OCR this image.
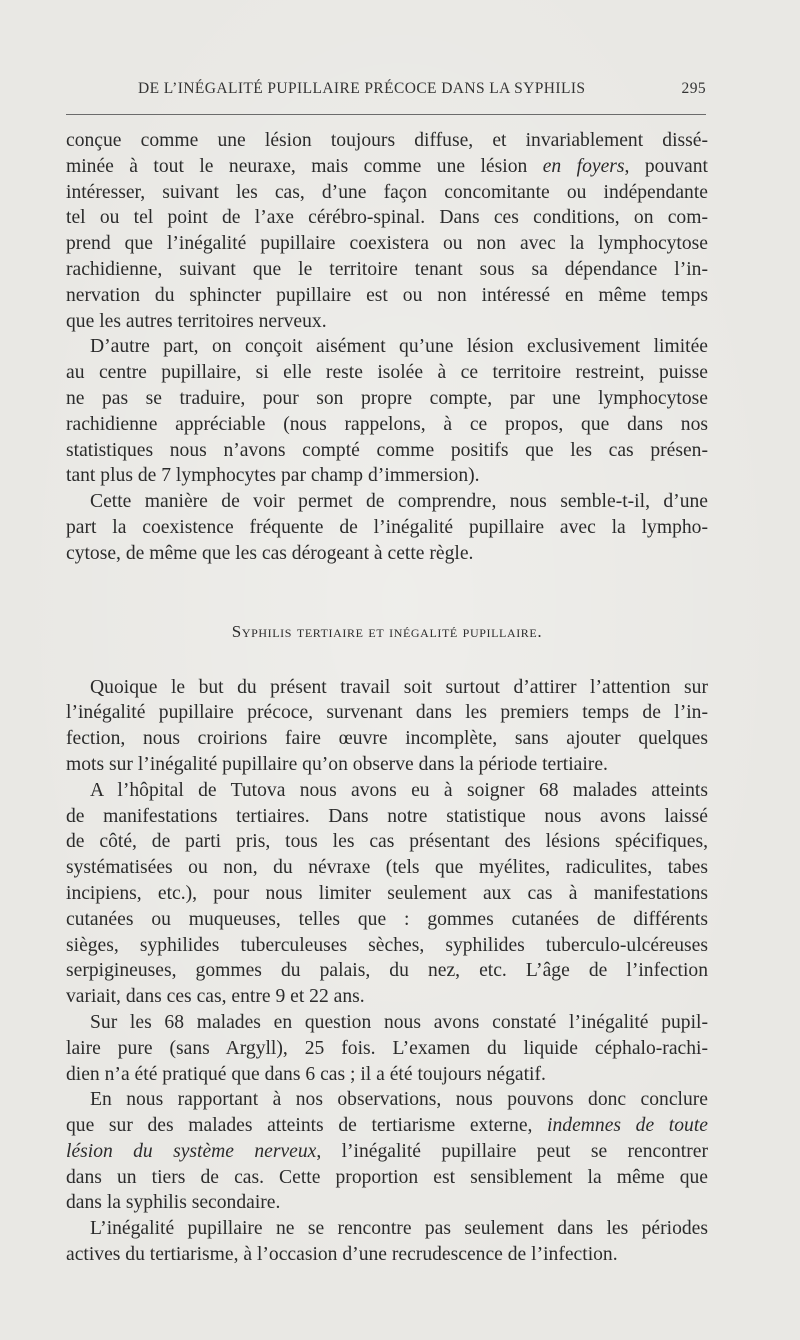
DE L’INÉGALITÉ PUPILLAIRE PRÉCOCE DANS LA SYPHILIS	295
conçue comme une lésion toujours diffuse, et invariablement dissé-
minée à tout le neuraxe, mais comme une lésion en foyers, pouvant
intéresser, suivant les cas, d’une façon concomitante ou indépendante
tel ou tel point de l’axe cérébro-spinal. Dans ces conditions, on com-
prend que l’inégalité pupillaire coexistera ou non avec la lymphocytose
rachidienne, suivant que le territoire tenant sous sa dépendance l’in-
nervation du sphincter pupillaire est ou non intéressé en même temps
que les autres territoires nerveux.
D’autre part, on conçoit aisément qu’une lésion exclusivement limitée
au centre pupillaire, si elle reste isolée à ce territoire restreint, puisse
ne pas se traduire, pour son propre compte, par une lymphocytose
rachidienne appréciable (nous rappelons, à ce propos, que dans nos
statistiques nous n’avons compté comme positifs que les cas présen-
tant plus de 7 lymphocytes par champ d’immersion).
Cette manière de voir permet de comprendre, nous semble-t-il, d’une
part la coexistence fréquente de l’inégalité pupillaire avec la lympho-
cytose, de même que les cas dérogeant à cette règle.
Syphilis tertiaire et inégalité pupillaire.
Quoique le but du présent travail soit surtout d’attirer l’attention sur
l’inégalité pupillaire précoce, survenant dans les premiers temps de l’in-
fection, nous croirions faire œuvre incomplète, sans ajouter quelques
mots sur l’inégalité pupillaire qu’on observe dans la période tertiaire.
A l’hôpital de Tutova nous avons eu à soigner 68 malades atteints
de manifestations tertiaires. Dans notre statistique nous avons laissé
de côté, de parti pris, tous les cas présentant des lésions spécifiques,
systématisées ou non, du névraxe (tels que myélites, radiculites, tabes
incipiens, etc.), pour nous limiter seulement aux cas à manifestations
cutanées ou muqueuses, telles que : gommes cutanées de différents
sièges, syphilides tuberculeuses sèches, syphilides tuberculo-ulcéreuses
serpigineuses, gommes du palais, du nez, etc. L’âge de l’infection
variait, dans ces cas, entre 9 et 22 ans.
Sur les 68 malades en question nous avons constaté l’inégalité pupil-
laire pure (sans Argyll), 25 fois. L’examen du liquide céphalo-rachi-
dien n’a été pratiqué que dans 6 cas ; il a été toujours négatif.
En nous rapportant à nos observations, nous pouvons donc conclure
que sur des malades atteints de tertiarisme externe, indemnes de toute
lésion du système nerveux, l’inégalité pupillaire peut se rencontrer
dans un tiers de cas. Cette proportion est sensiblement la même que
dans la syphilis secondaire.
L’inégalité pupillaire ne se rencontre pas seulement dans les périodes
actives du tertiarisme, à l’occasion d’une recrudescence de l’infection.
